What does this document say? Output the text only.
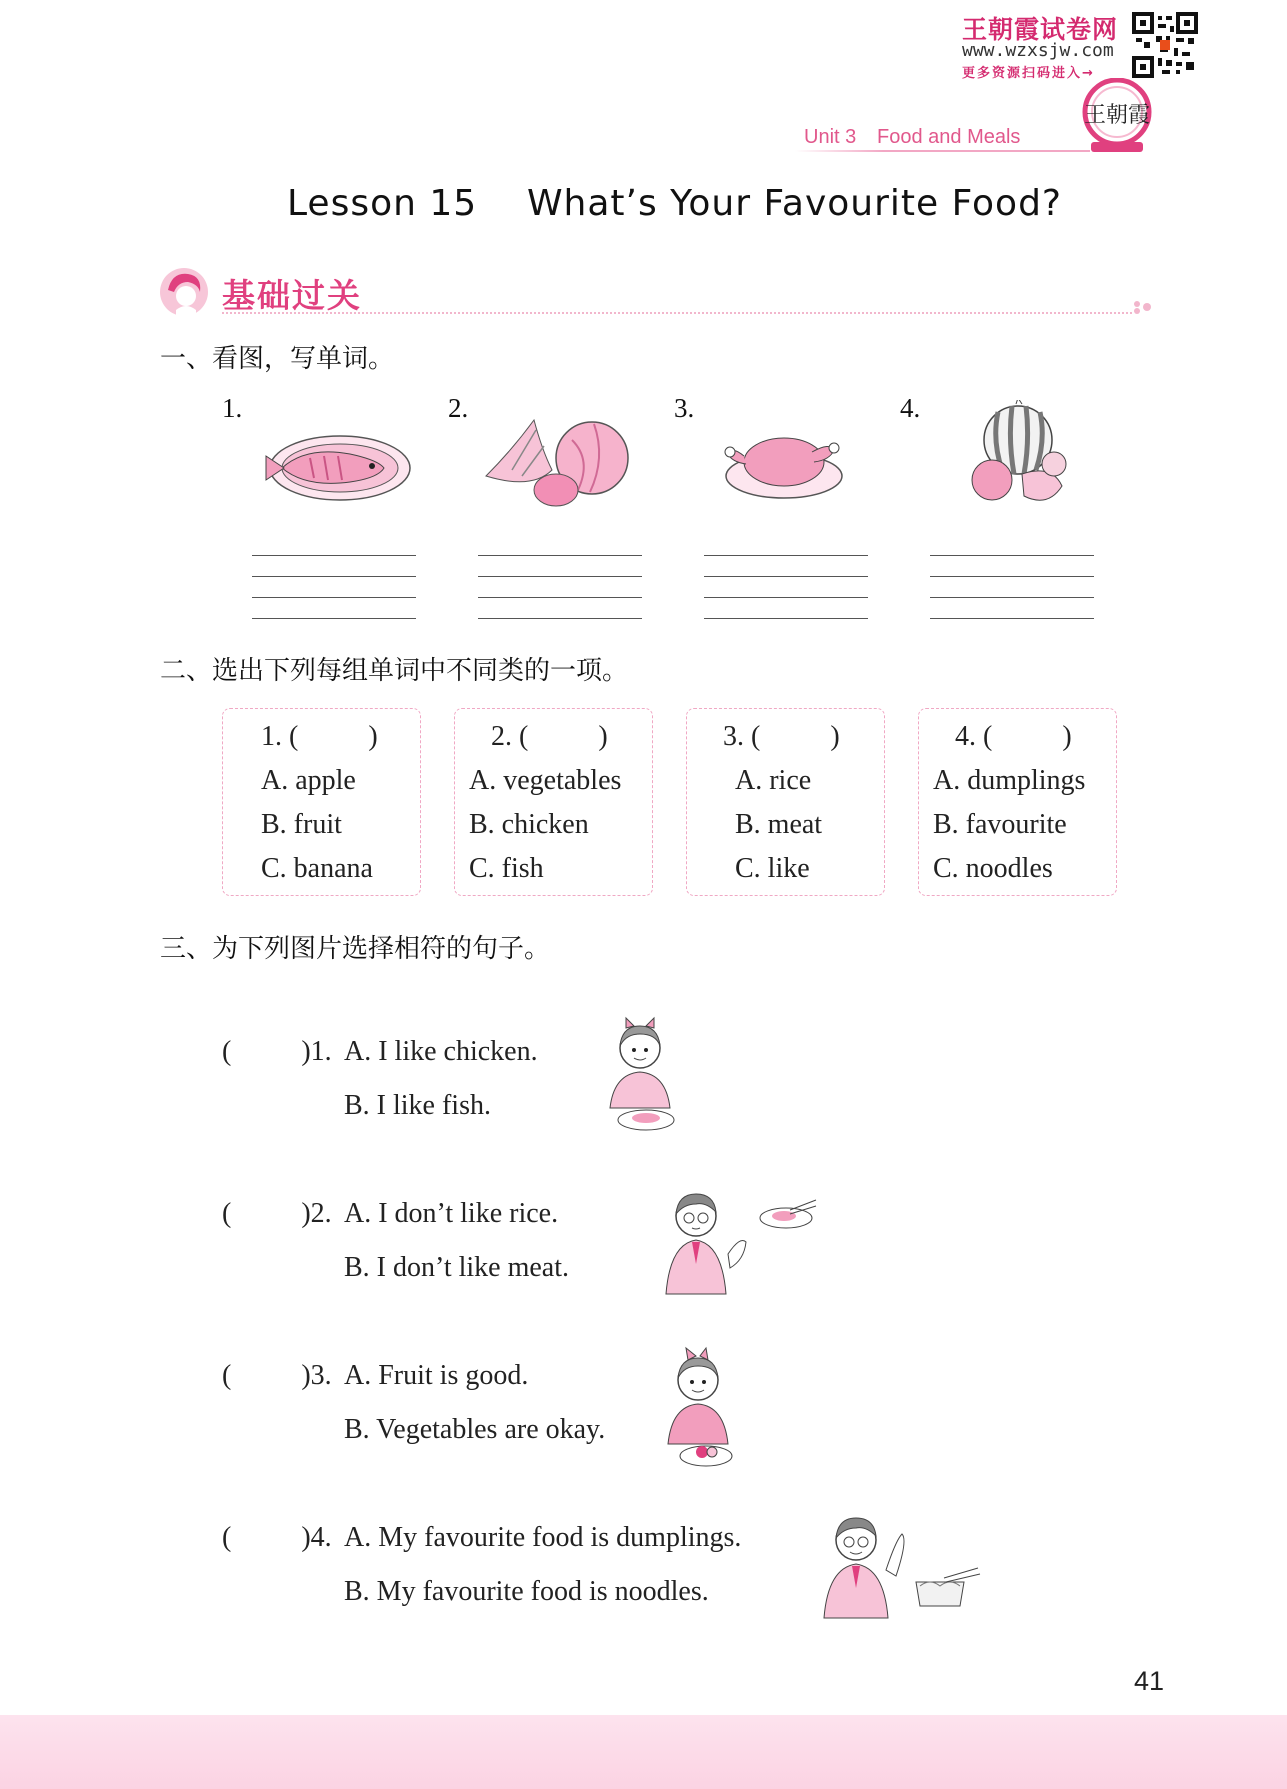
王朝霞试卷网
www.wzxsjw.com
更多资源扫码进入→
王朝霞
Unit 3 Food and Meals
Lesson 15    What’s Your Favourite Food?
基础过关
一、看图，写单词。
1.	2.	3.	4.
二、选出下列每组单词中不同类的一项。
1. (          )
A. apple
B. fruit
C. banana
2. (          )
A. vegetables
B. chicken
C. fish
3. (          )
A. rice
B. meat
C. like
4. (          )
A. dumplings
B. favourite
C. noodles
三、为下列图片选择相符的句子。
(          )1. A. I like chicken.
B. I like fish.
(          )2. A. I don’t like rice.
B. I don’t like meat.
(          )3. A. Fruit is good.
B. Vegetables are okay.
(          )4. A. My favourite food is dumplings.
B. My favourite food is noodles.
41
